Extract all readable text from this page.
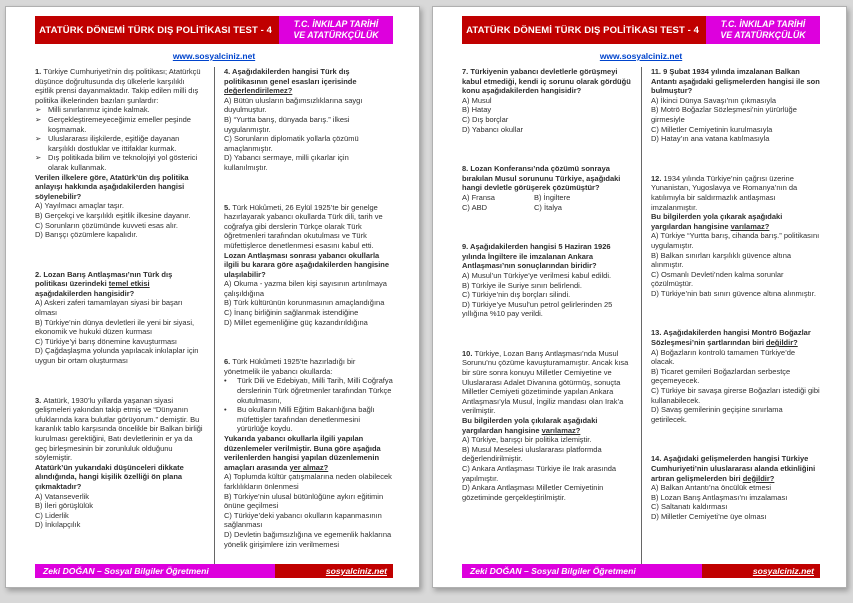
ATATÜRK DÖNEMİ TÜRK DIŞ POLİTİKASI TEST - 4
T.C. İNKILAP TARİHİ
VE ATATÜRKÇÜLÜK
www.sosyalciniz.net

1. Türkiye Cumhuriyeti’nin dış politikası; Atatürkçü düşünce doğrultusunda dış ülkelerle karşılıklı eşitlik prensi dayanmaktadır. Takip edilen milli dış politika ilkelerinden bazıları şunlardır:

➢ Milli sınırlarımız içinde kalmak.
➢ Gerçekleştiremeyeceğimiz emeller peşinde koşmamak.
➢ Uluslararası ilişkilerde, eşitliğe dayanan karşılıklı dostluklar ve ittifaklar kurmak.
➢ Dış politikada bilim ve teknolojiyi yol gösterici olarak kullanmak.

Verilen ilkelere göre, Atatürk’ün dış politika anlayışı hakkında aşağıdakilerden hangisi söylenebilir?

A) Yayılmacı amaçlar taşır.

B) Gerçekçi ve karşılıklı eşitlik ilkesine dayanır.

C) Sorunların çözümünde kuvveti esas alır.

D) Barışçı çözümlere kapalıdır.

2. Lozan Barış Antlaşması’nın Türk dış politikası üzerindeki temel etkisi aşağıdakilerden hangisidir?

A) Askeri zaferi tamamlayan siyasi bir başarı olması

B) Türkiye’nin dünya devletleri ile yeni bir siyasi, ekonomik ve hukuki düzen kurması

C) Türkiye’yi barış dönemine kavuşturması

D) Çağdaşlaşma yolunda yapılacak inkılaplar için uygun bir ortam oluşturması

3. Atatürk, 1930’lu yıllarda yaşanan siyasi gelişmeleri yakından takip etmiş ve “Dünyanın ufuklarında kara bulutlar görüyorum.” demiştir. Bu karanlık tablo karşısında öncelikle bir Balkan birliği kurulması gerektiğini, Batı devletlerinin er ya da geç birleşmesinin bir zorunluluk olduğunu söylemiştir.

Atatürk’ün yukarıdaki düşünceleri dikkate alındığında, hangi kişilik özelliği ön plana çıkmaktadır?

A) Vatanseverlik

B) İleri görüşlülük

C) Liderlik

D) İnkılapçılık

4. Aşağıdakilerden hangisi Türk dış politikasının genel esasları içerisinde değerlendirilemez?

A) Bütün ulusların bağımsızlıklarına saygı duyulmuştur.

B) “Yurtta barış, dünyada barış.” ilkesi uygulanmıştır.

C) Sorunların diplomatik yollarla çözümü amaçlanmıştır.

D) Yabancı sermaye, milli çıkarlar için kullanılmıştır.

5. Türk Hükûmeti, 26 Eylül 1925’te bir genelge hazırlayarak yabancı okullarda Türk dili, tarih ve coğrafya gibi derslerin Türkçe olarak Türk öğretmenleri tarafından okutulması ve Türk müfettişlerce denetlenmesi esasını kabul etti.

Lozan Antlaşması sonrası yabancı okullarla ilgili bu karara göre aşağıdakilerden hangisine ulaşılabilir?

A) Okuma - yazma bilen kişi sayısının artırılmaya çalışıldığına

B) Türk kültürünün korunmasının amaçlandığına

C) İnanç birliğinin sağlanmak istendiğine

D) Millet egemenliğine güç kazandırıldığına

6. Türk Hükûmeti 1925’te hazırladığı bir yönetmelik ile yabancı okullarda:

•	Türk Dili ve Edebiyatı, Milli Tarih, Milli Coğrafya derslerinin Türk öğretmenler tarafından Türkçe okutulmasını,
•	Bu okulların Milli Eğitim Bakanlığına bağlı müfettişler tarafından denetlenmesini yürürlüğe koydu.

Yukarıda yabancı okullarla ilgili yapılan düzenlemeler verilmiştir. Buna göre aşağıda verilenlerden hangisi yapılan düzenlemenin amaçları arasında yer almaz?

A) Toplumda kültür çatışmalarına neden olabilecek farklılıkların önlenmesi

B) Türkiye’nin ulusal bütünlüğüne aykırı eğitimin önüne geçilmesi

C) Türkiye’deki yabancı okulların kapanmasının sağlanması

D) Devletin bağımsızlığına ve egemenlik haklarına yönelik girişimlere izin verilmemesi

Zeki DOĞAN – Sosyal Bilgiler Öğretmeni	sosyalciniz.net
ATATÜRK DÖNEMİ TÜRK DIŞ POLİTİKASI TEST - 4
T.C. İNKILAP TARİHİ
VE ATATÜRKÇÜLÜK
www.sosyalciniz.net

7. Türkiyenin yabancı devletlerle görüşmeyi kabul etmediği, kendi iç sorunu olarak gördüğü konu aşağıdakilerden hangisidir?

A) Musul

B) Hatay

C) Dış borçlar

D) Yabancı okullar

8. Lozan Konferansı’nda çözümü sonraya bırakılan Musul sorununu Türkiye, aşağıdaki hangi devletle görüşerek çözümüştür?

A) Fransa	B) İngiltere
C) ABD	C) İtalya

9. Aşağıdakilerden hangisi 5 Haziran 1926 yılında İngiltere ile imzalanan Ankara Antlaşması’nın sonuçlarından biridir?

A) Musul’un Türkiye’ye verilmesi kabul edildi.

B) Türkiye ile Suriye sınırı belirlendi.

C) Türkiye’nin dış borçları silindi.

D) Türkiye’ye Musul’un petrol gelirlerinden 25 yıllığına %10 pay verildi.

10. Türkiye, Lozan Barış Antlaşması’nda Musul Sorunu’nu çözüme kavuşturamamıştır. Ancak kısa bir süre sonra konuyu Milletler Cemiyetine ve Uluslararası Adalet Divanına götürmüş, sonuçta Milletler Cemiyeti gözetiminde yapılan Ankara Antlaşması’yla Musul, İngiliz mandası olan Irak’a verilmiştir.

Bu bilgilerden yola çıkılarak aşağıdaki yargılardan hangisine varılamaz?

A) Türkiye, barışçı bir politika izlemiştir.

B) Musul Meselesi uluslararası platformda değerlendirilmiştir.

C) Ankara Antlaşması Türkiye ile Irak arasında yapılmıştır.

D) Ankara Antlaşması Milletler Cemiyetinin gözetiminde gerçekleştirilmiştir.

11. 9 Şubat 1934 yılında imzalanan Balkan Antantı aşağıdaki gelişmelerden hangisi ile son bulmuştur?

A) İkinci Dünya Savaşı’nın çıkmasıyla

B) Motrö Boğazlar Sözleşmesi’nin yürürlüğe girmesiyle

C) Milletler Cemiyetinin kurulmasıyla

D) Hatay’ın ana vatana katılmasıyla

12. 1934 yılında Türkiye’nin çağrısı üzerine Yunanistan, Yugoslavya ve Romanya’nın da katılımıyla bir saldırmazlık antlaşması imzalanmıştır.

Bu bilgilerden yola çıkarak aşağıdaki yargılardan hangisine varılamaz?

A) Türkiye “Yurtta barış, cihanda barış.” politikasını uygulamıştır.

B) Balkan sınırları karşılıklı güvence altına alınmıştır.

C) Osmanlı Devleti’nden kalma sorunlar çözülmüştür.

D) Türkiye’nin batı sınırı güvence altına alınmıştır.

13. Aşağıdakilerden hangisi Montrö Boğazlar Sözleşmesi’nin şartlarından biri değildir?

A) Boğazların kontrolü tamamen Türkiye’de olacak.

B) Ticaret gemileri Boğazlardan serbestçe geçemeyecek.

C) Türkiye bir savaşa girerse Boğazları istediği gibi kullanabilecek.

D) Savaş gemilerinin geçişine sınırlama getirilecek.

14. Aşağıdaki gelişmelerden hangisi Türkiye Cumhuriyeti’nin uluslararası alanda etkinliğini artıran gelişmelerden biri değildir?

A) Balkan Antantı’na öncülük etmesi

B) Lozan Barış Antlaşması’nı imzalaması

C) Saltanatı kaldırması

D) Milletler Cemiyeti’ne üye olması

Zeki DOĞAN – Sosyal Bilgiler Öğretmeni	sosyalciniz.net
